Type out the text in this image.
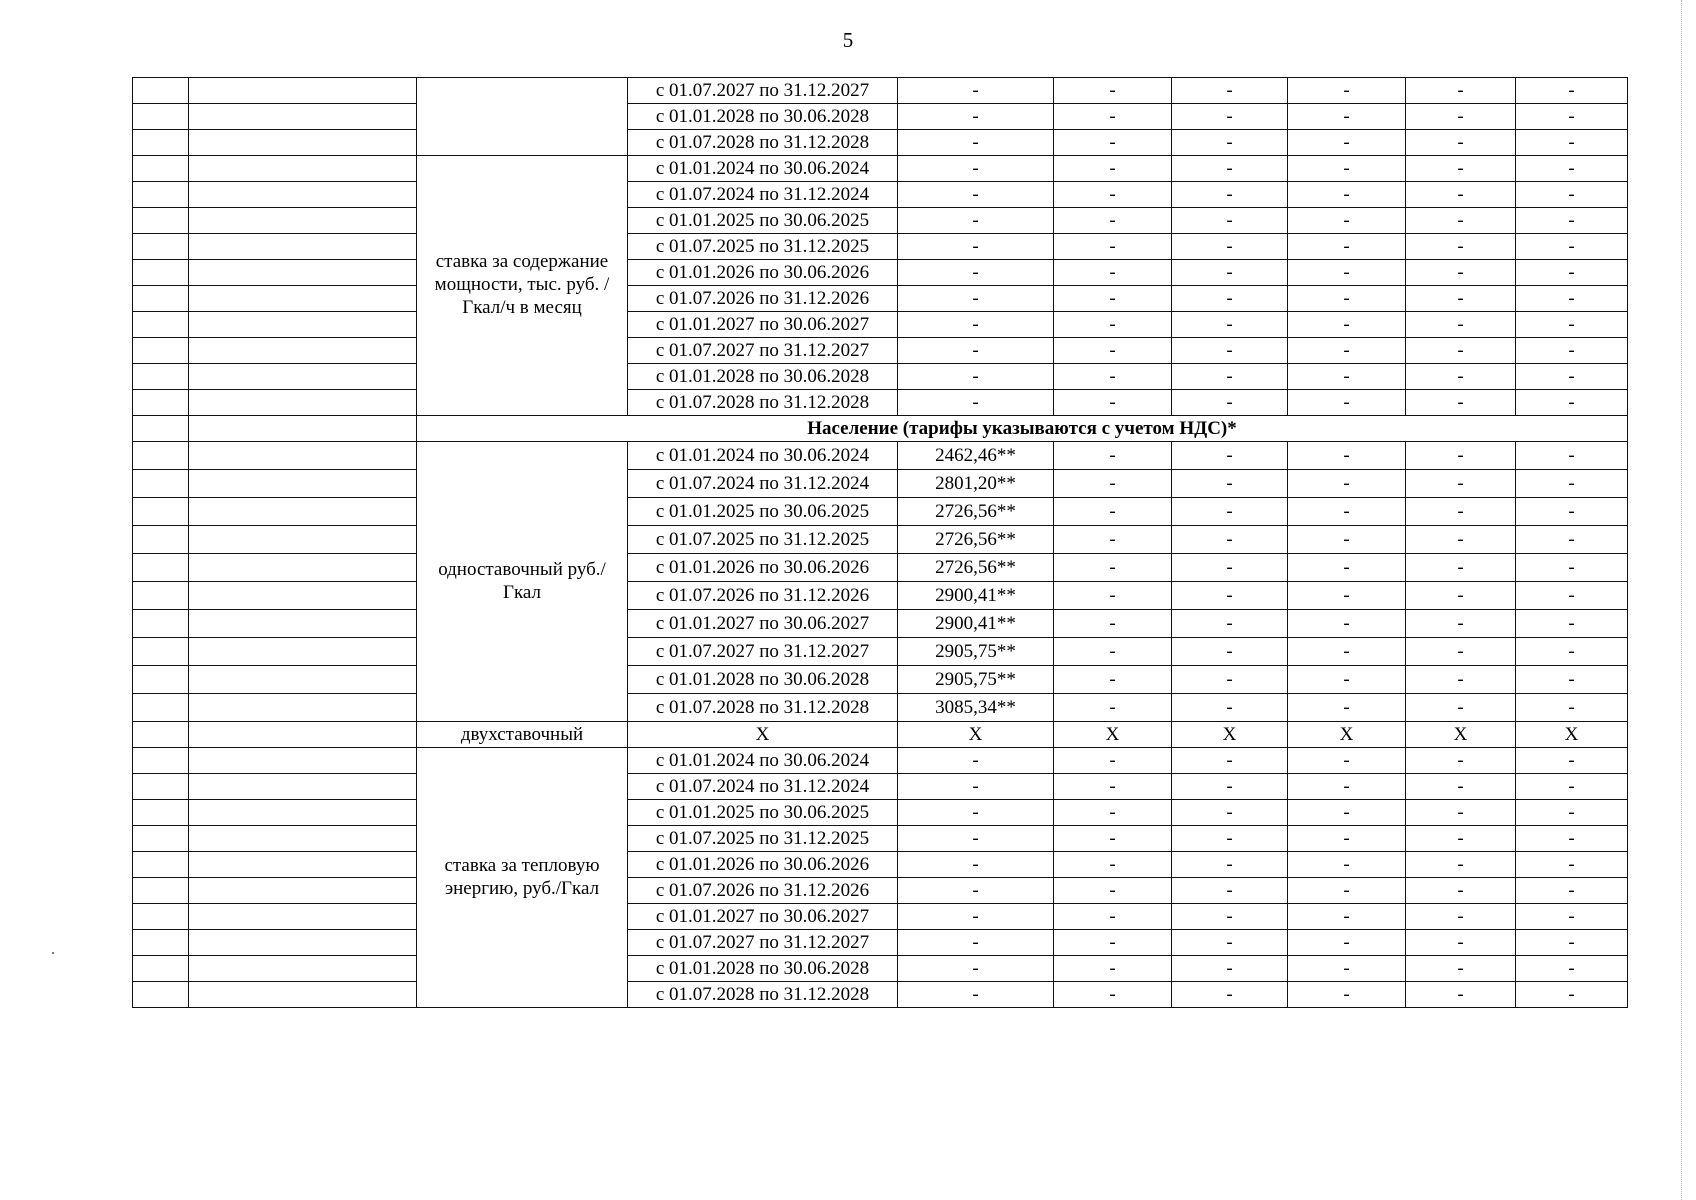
5
			с 01.07.2027 по 31.12.2027	-	-	-	-	-	-
			с 01.01.2028 по 30.06.2028	-	-	-	-	-	-
			с 01.07.2028 по 31.12.2028	-	-	-	-	-	-
		ставка за содержание мощности, тыс. руб. /Гкал/ч в месяц	с 01.01.2024 по 30.06.2024	-	-	-	-	-	-
			с 01.07.2024 по 31.12.2024	-	-	-	-	-	-
			с 01.01.2025 по 30.06.2025	-	-	-	-	-	-
			с 01.07.2025 по 31.12.2025	-	-	-	-	-	-
			с 01.01.2026 по 30.06.2026	-	-	-	-	-	-
			с 01.07.2026 по 31.12.2026	-	-	-	-	-	-
			с 01.01.2027 по 30.06.2027	-	-	-	-	-	-
			с 01.07.2027 по 31.12.2027	-	-	-	-	-	-
			с 01.01.2028 по 30.06.2028	-	-	-	-	-	-
			с 01.07.2028 по 31.12.2028	-	-	-	-	-	-
		Население (тарифы указываются с учетом НДС)*							
		одноставочный руб./Гкал	с 01.01.2024 по 30.06.2024	2462,46**	-	-	-	-	-
			с 01.07.2024 по 31.12.2024	2801,20**	-	-	-	-	-
			с 01.01.2025 по 30.06.2025	2726,56**	-	-	-	-	-
			с 01.07.2025 по 31.12.2025	2726,56**	-	-	-	-	-
			с 01.01.2026 по 30.06.2026	2726,56**	-	-	-	-	-
			с 01.07.2026 по 31.12.2026	2900,41**	-	-	-	-	-
			с 01.01.2027 по 30.06.2027	2900,41**	-	-	-	-	-
			с 01.07.2027 по 31.12.2027	2905,75**	-	-	-	-	-
			с 01.01.2028 по 30.06.2028	2905,75**	-	-	-	-	-
			с 01.07.2028 по 31.12.2028	3085,34**	-	-	-	-	-
		двухставочный	Х	Х	Х	Х	Х	Х	Х
		ставка за тепловую энергию, руб./Гкал	с 01.01.2024 по 30.06.2024	-	-	-	-	-	-
			с 01.07.2024 по 31.12.2024	-	-	-	-	-	-
			с 01.01.2025 по 30.06.2025	-	-	-	-	-	-
			с 01.07.2025 по 31.12.2025	-	-	-	-	-	-
			с 01.01.2026 по 30.06.2026	-	-	-	-	-	-
			с 01.07.2026 по 31.12.2026	-	-	-	-	-	-
			с 01.01.2027 по 30.06.2027	-	-	-	-	-	-
			с 01.07.2027 по 31.12.2027	-	-	-	-	-	-
			с 01.01.2028 по 30.06.2028	-	-	-	-	-	-
			с 01.07.2028 по 31.12.2028	-	-	-	-	-	-
